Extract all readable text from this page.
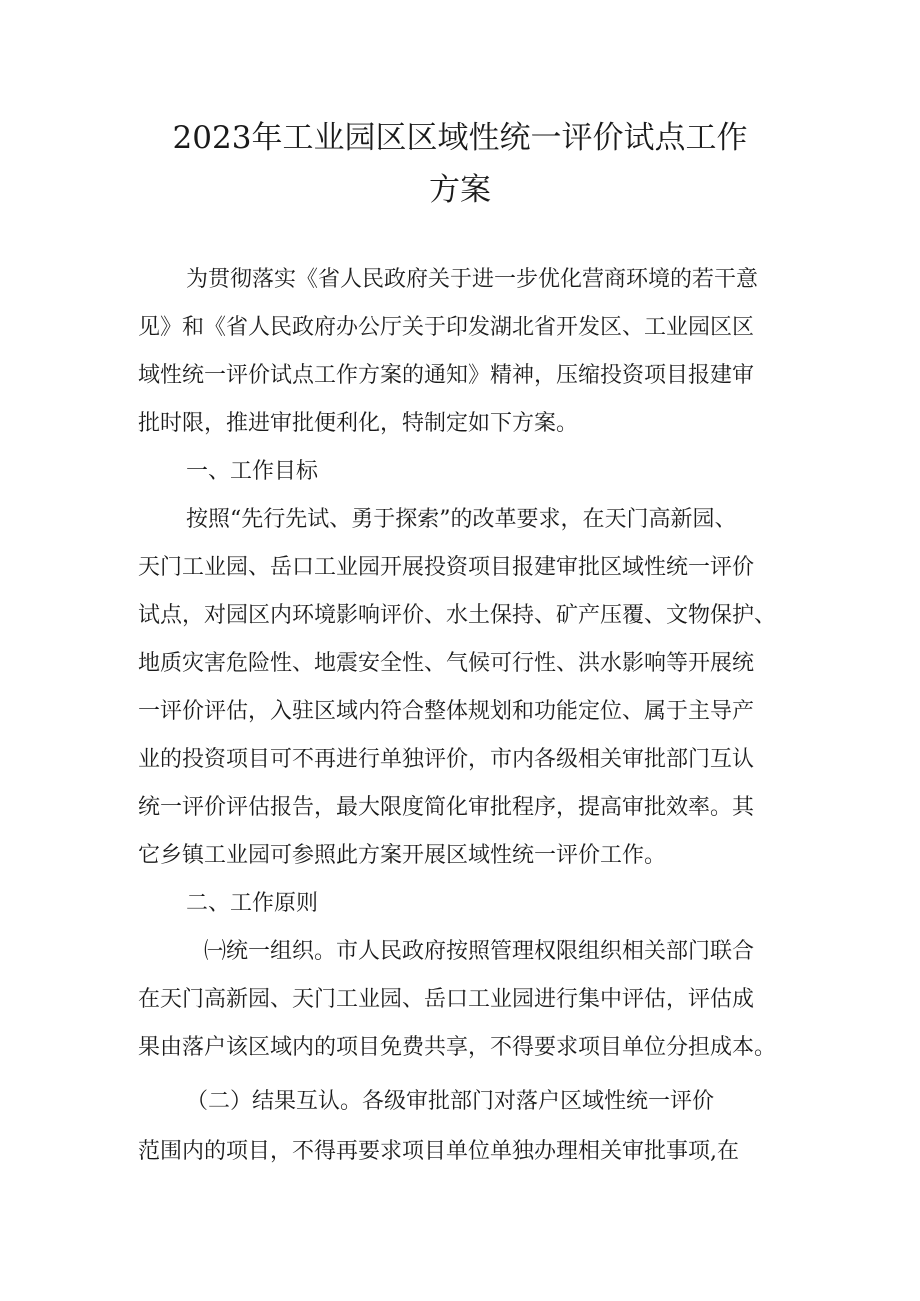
2023年工业园区区域性统一评价试点工作
方案
为贯彻落实《省人民政府关于进一步优化营商环境的若干意
见》和《省人民政府办公厅关于印发湖北省开发区、工业园区区
域性统一评价试点工作方案的通知》精神，压缩投资项目报建审
批时限，推进审批便利化，特制定如下方案。
一、工作目标
按照“先行先试、勇于探索”的改革要求，在天门高新园、
天门工业园、岳口工业园开展投资项目报建审批区域性统一评价
试点，对园区内环境影响评价、水土保持、矿产压覆、文物保护、
地质灾害危险性、地震安全性、气候可行性、洪水影响等开展统
一评价评估，入驻区域内符合整体规划和功能定位、属于主导产
业的投资项目可不再进行单独评价，市内各级相关审批部门互认
统一评价评估报告，最大限度简化审批程序，提高审批效率。其
它乡镇工业园可参照此方案开展区域性统一评价工作。
二、工作原则
㈠统一组织。市人民政府按照管理权限组织相关部门联合
在天门高新园、天门工业园、岳口工业园进行集中评估，评估成
果由落户该区域内的项目免费共享，不得要求项目单位分担成本。
（二）结果互认。各级审批部门对落户区域性统一评价
范围内的项目，不得再要求项目单位单独办理相关审批事项,在
